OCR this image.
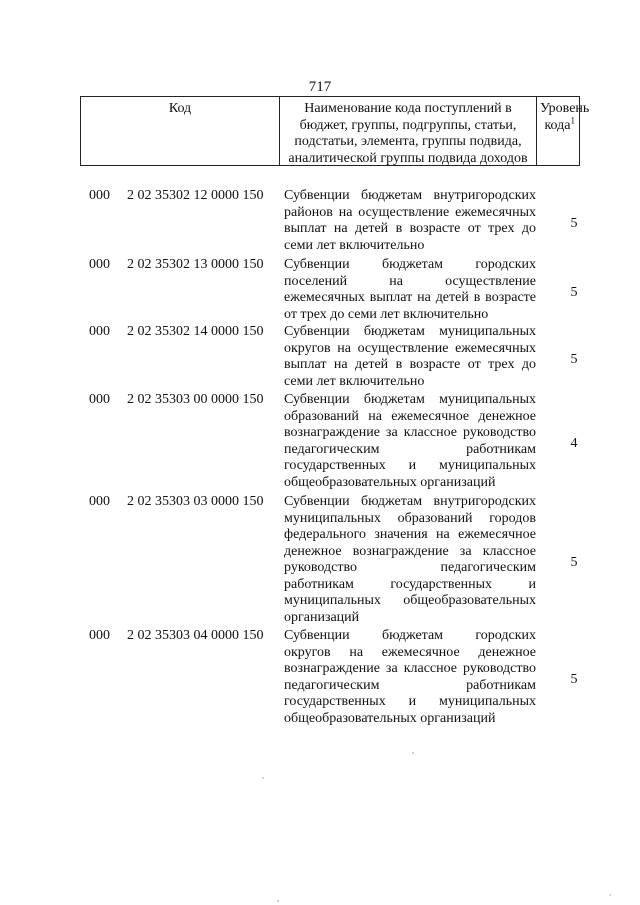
717
Код	Наименование кода поступлений в
бюджет, группы, подгруппы, статьи,
подстатьи, элемента, группы подвида,
аналитической группы подвида доходов
Уровень
кода$^1$
000 2 02 35302 12 0000 150 Субвенции бюджетам внутригородских
районов на осуществление ежемесячных
выплат на детей в возрасте от трех до
семи лет включительно
5
000 2 02 35302 13 0000 150 Субвенции бюджетам городских
поселений на осуществление
ежемесячных выплат на детей в возрасте
от трех до семи лет включительно
5
000 2 02 35302 14 0000 150 Субвенции бюджетам муниципальных
округов на осуществление ежемесячных
выплат на детей в возрасте от трех до
семи лет включительно
5
000 2 02 35303 00 0000 150 Субвенции бюджетам муниципальных
образований на ежемесячное денежное
вознаграждение за классное руководство
педагогическим работникам
государственных и муниципальных
общеобразовательных организаций
4
000 2 02 35303 03 0000 150 Субвенции бюджетам внутригородских
муниципальных образований городов
федерального значения на ежемесячное
денежное вознаграждение за классное
руководство педагогическим
работникам государственных и
муниципальных общеобразовательных
организаций
5
000 2 02 35303 04 0000 150 Субвенции бюджетам городских
округов на ежемесячное денежное
вознаграждение за классное руководство
педагогическим работникам
государственных и муниципальных
общеобразовательных организаций
5
